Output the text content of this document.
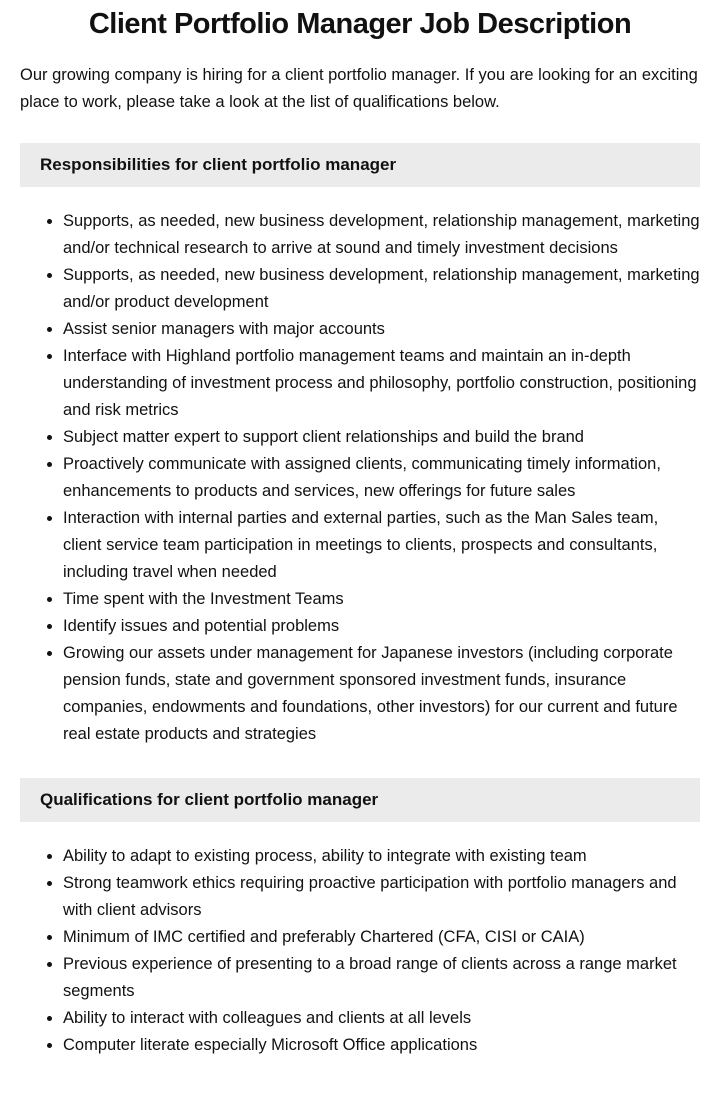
Client Portfolio Manager Job Description

Our growing company is hiring for a client portfolio manager. If you are looking for an exciting place to work, please take a look at the list of qualifications below.

Responsibilities for client portfolio manager
• Supports, as needed, new business development, relationship management, marketing and/or technical research to arrive at sound and timely investment decisions
• Supports, as needed, new business development, relationship management, marketing and/or product development
• Assist senior managers with major accounts
• Interface with Highland portfolio management teams and maintain an in-depth understanding of investment process and philosophy, portfolio construction, positioning and risk metrics
• Subject matter expert to support client relationships and build the brand
• Proactively communicate with assigned clients, communicating timely information, enhancements to products and services, new offerings for future sales
• Interaction with internal parties and external parties, such as the Man Sales team, client service team participation in meetings to clients, prospects and consultants, including travel when needed
• Time spent with the Investment Teams
• Identify issues and potential problems
• Growing our assets under management for Japanese investors (including corporate pension funds, state and government sponsored investment funds, insurance companies, endowments and foundations, other investors) for our current and future real estate products and strategies
Qualifications for client portfolio manager
• Ability to adapt to existing process, ability to integrate with existing team
• Strong teamwork ethics requiring proactive participation with portfolio managers and with client advisors
• Minimum of IMC certified and preferably Chartered (CFA, CISI or CAIA)
• Previous experience of presenting to a broad range of clients across a range market segments
• Ability to interact with colleagues and clients at all levels
• Computer literate especially Microsoft Office applications
